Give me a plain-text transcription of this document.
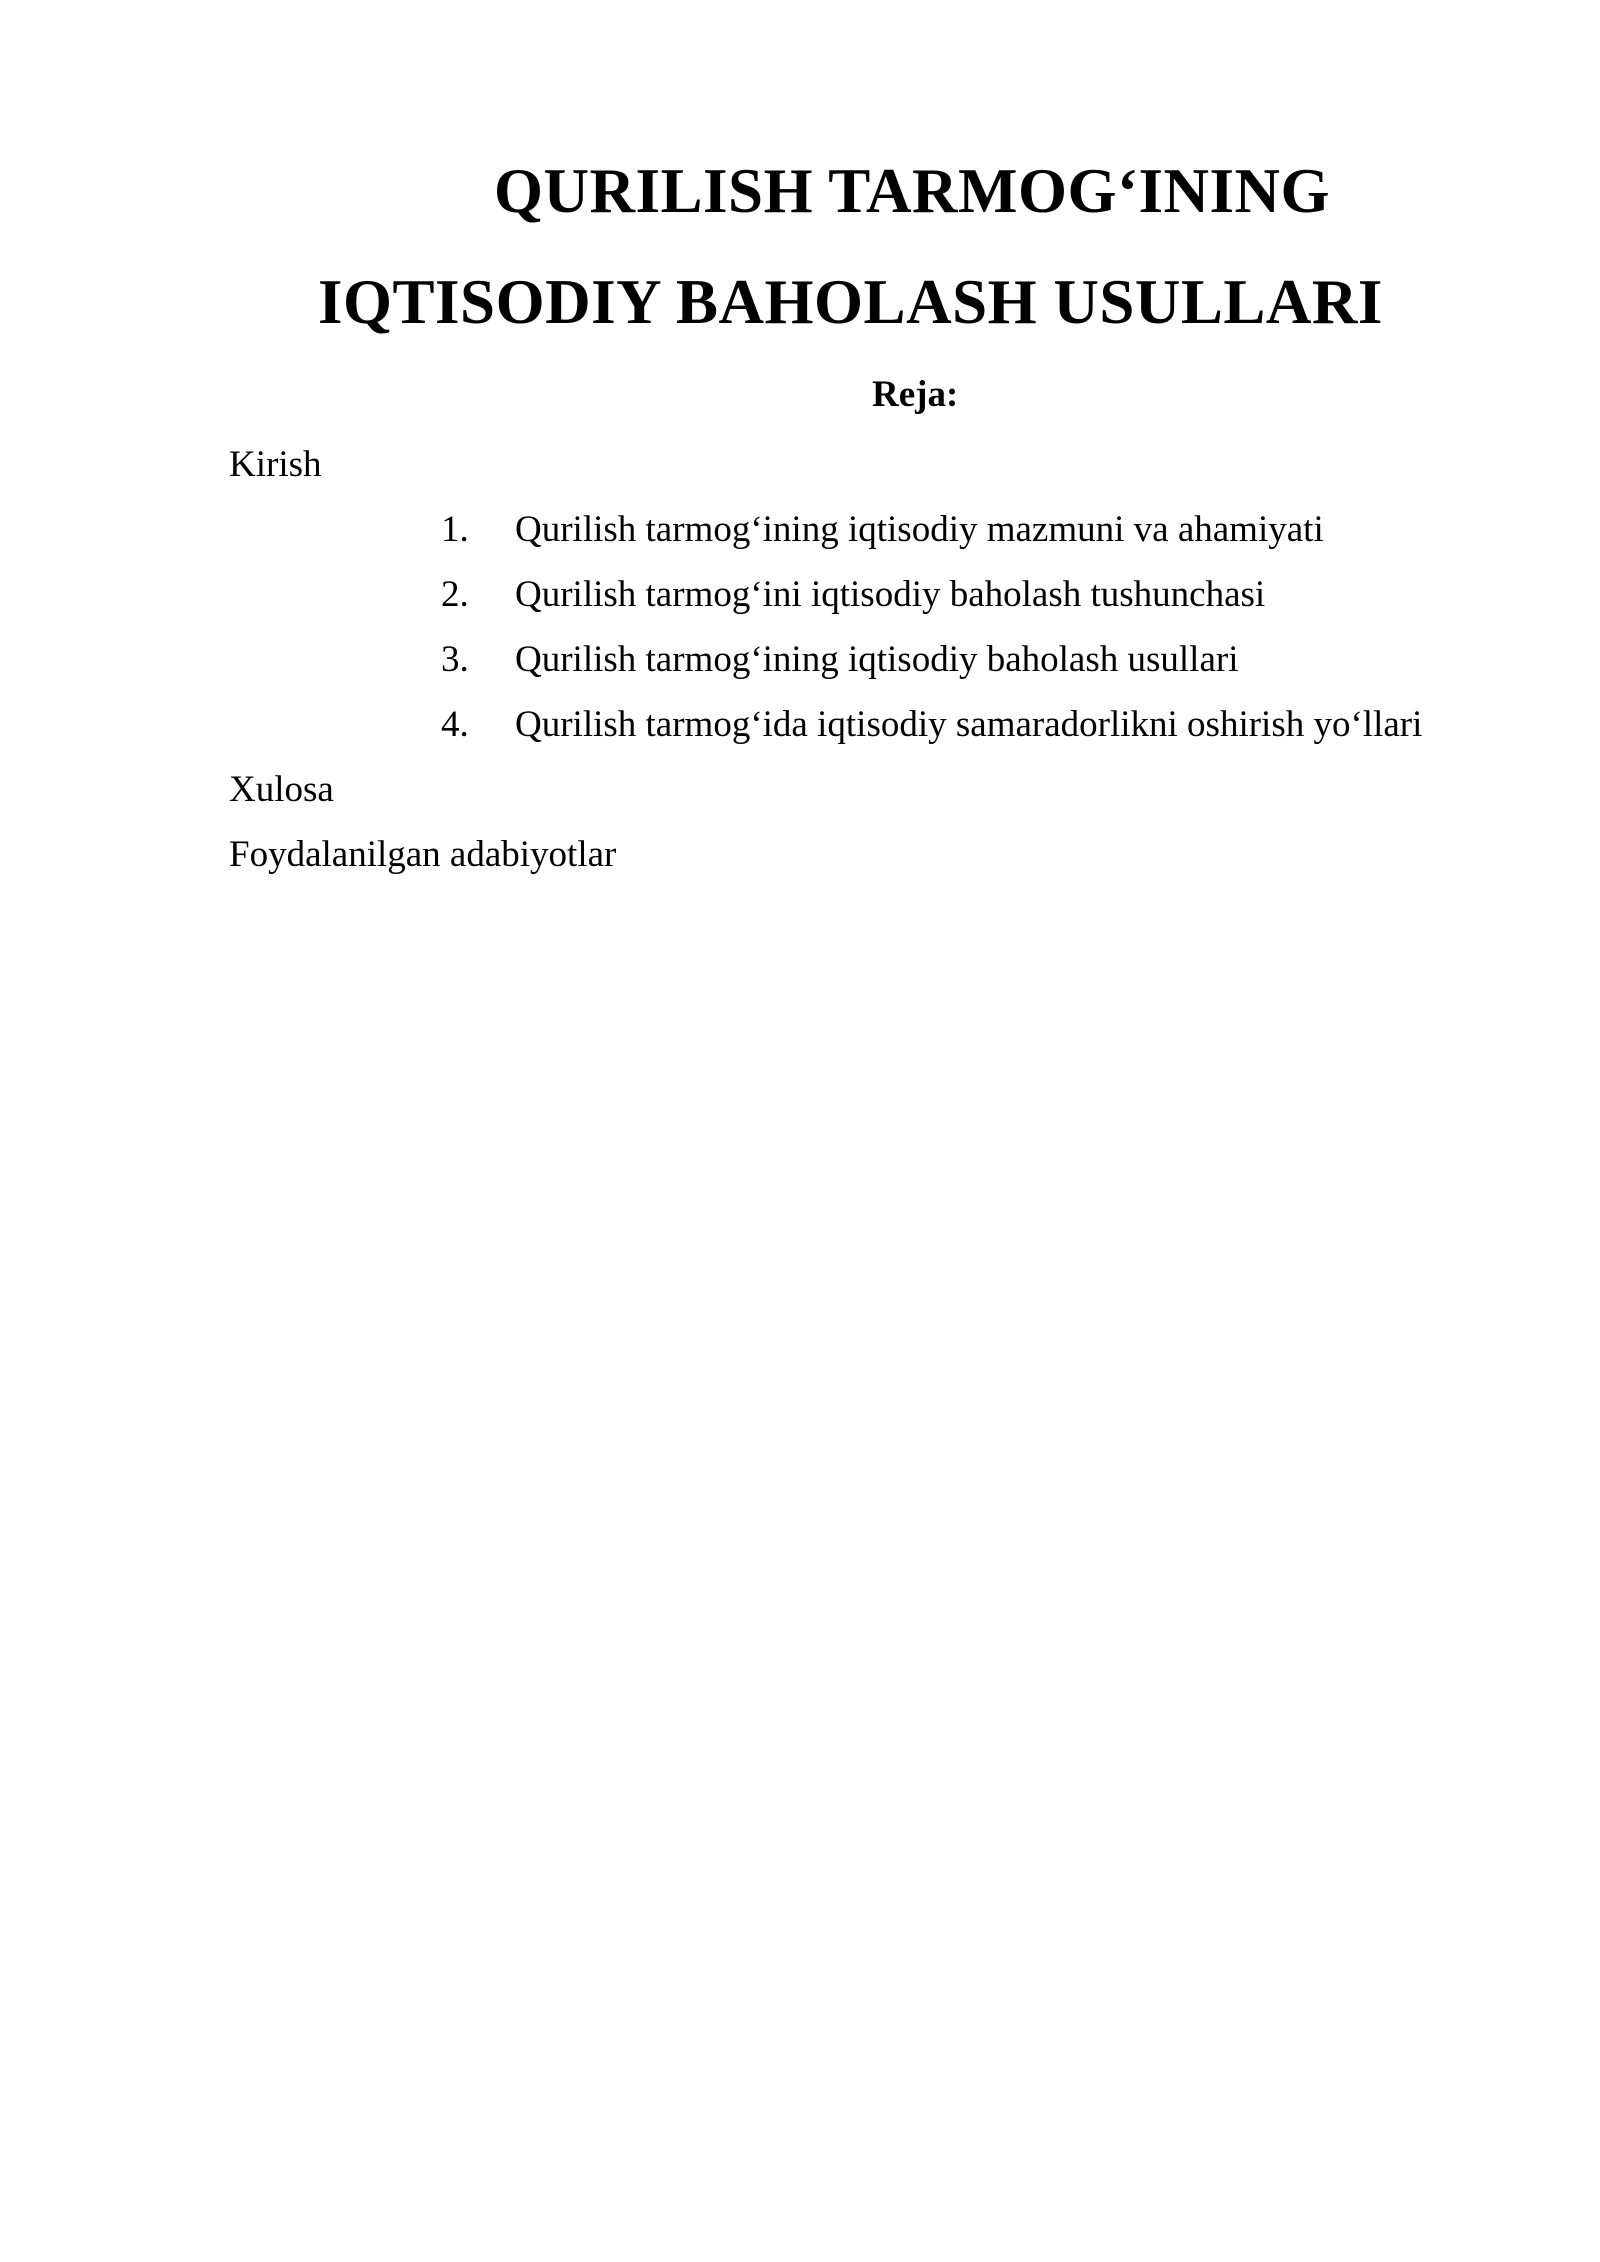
QURILISH TARMOG‘INING
IQTISODIY BAHOLASH USULLARI
Reja:
Kirish
1. Qurilish tarmog‘ining iqtisodiy mazmuni va ahamiyati
2. Qurilish tarmog‘ini iqtisodiy baholash tushunchasi
3. Qurilish tarmog‘ining iqtisodiy baholash usullari
4. Qurilish tarmog‘ida iqtisodiy samaradorlikni oshirish yo‘llari
Xulosa
Foydalanilgan adabiyotlar
